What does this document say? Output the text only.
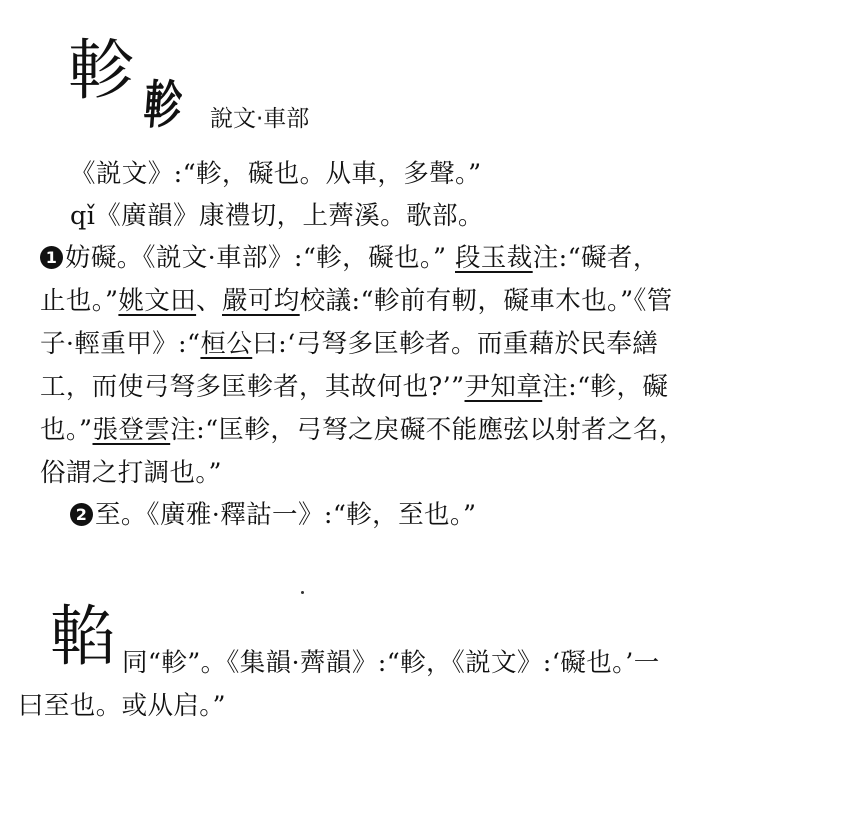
軫 軫 說文·車部
《説文》:“軫，礙也。从車，多聲。”
qǐ《廣韻》康禮切，上薺溪。歌部。
1 妨礙。《説文·車部》:“軫，礙也。” 段玉裁注:“礙者，
止也。”姚文田、嚴可均校議:“軫前有軔，礙車木也。”《管
子·輕重甲》:“桓公曰:‘弓弩多匡軫者。而重藉於民奉繕
工，而使弓弩多匡軫者，其故何也?’”尹知章注:“軫，礙
也。”張登雲注:“匡軫，弓弩之戾礙不能應弦以射者之名，
俗謂之打調也。”
2 至。《廣雅·釋詁一》:“軫，至也。”
輡 同“軫”。《集韻·薺韻》:“軫，《説文》:‘礙也。’一
曰至也。或从启。”
